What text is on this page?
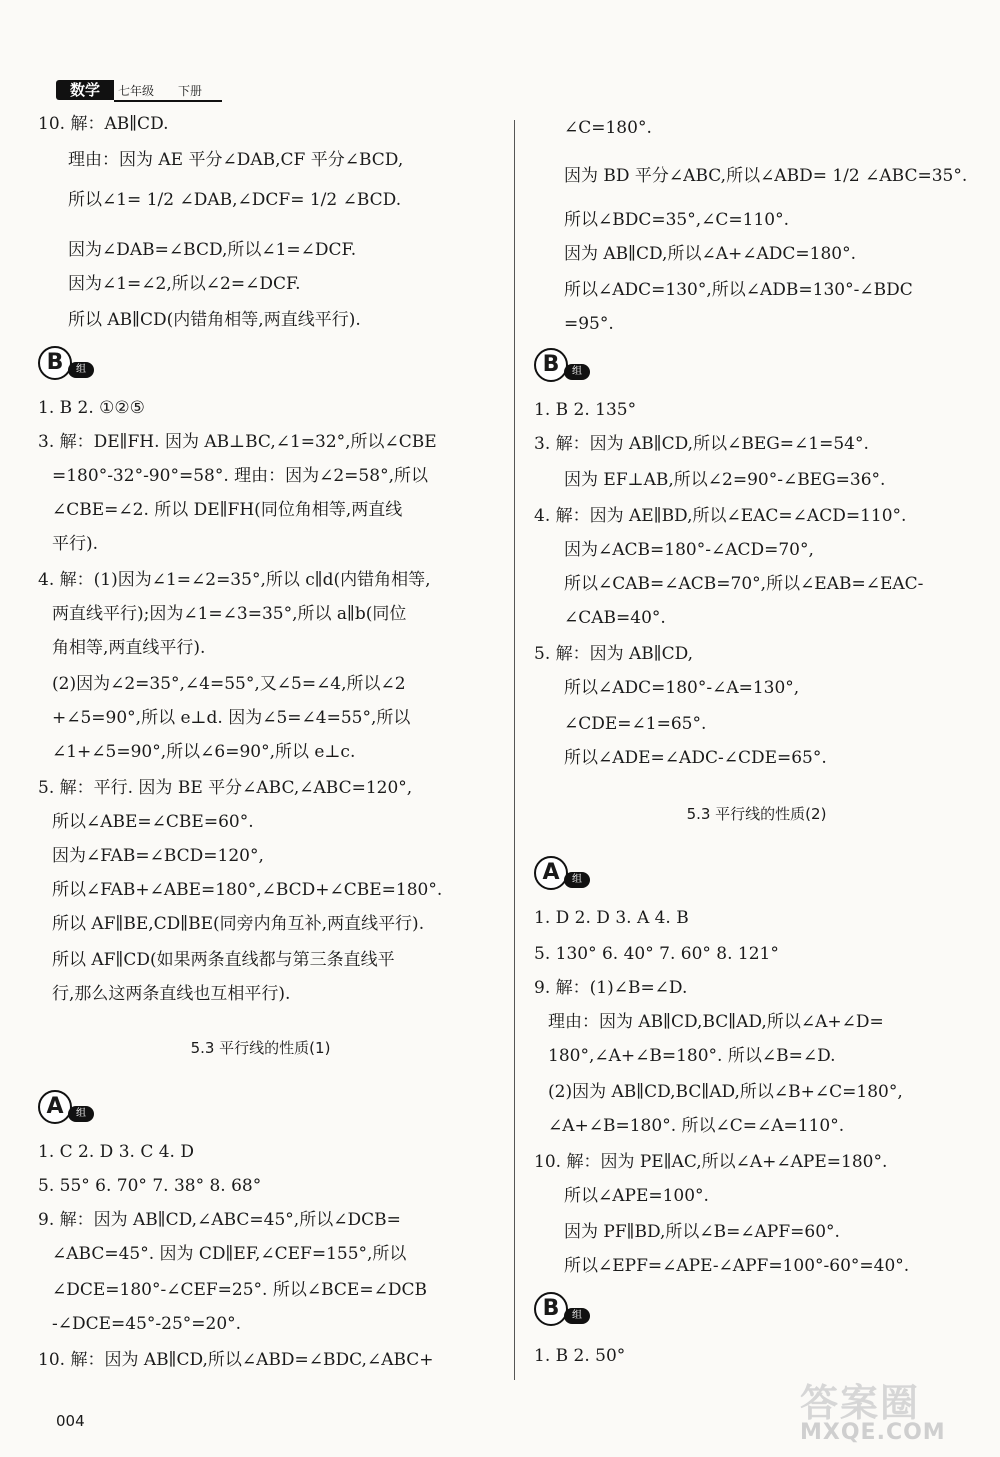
数学	七年级 下册
10. 解：AB∥CD.
理由：因为 AE 平分∠DAB,CF 平分∠BCD,
所以∠1= 1/2 ∠DAB,∠DCF= 1/2 ∠BCD.
因为∠DAB=∠BCD,所以∠1=∠DCF.
因为∠1=∠2,所以∠2=∠DCF.
所以 AB∥CD(内错角相等,两直线平行).
B	组
1. B 2. ①②⑤
3. 解：DE∥FH. 因为 AB⊥BC,∠1=32°,所以∠CBE
=180°-32°-90°=58°. 理由：因为∠2=58°,所以
∠CBE=∠2. 所以 DE∥FH(同位角相等,两直线
平行).
4. 解：(1)因为∠1=∠2=35°,所以 c∥d(内错角相等,
两直线平行);因为∠1=∠3=35°,所以 a∥b(同位
角相等,两直线平行).
(2)因为∠2=35°,∠4=55°,又∠5=∠4,所以∠2
+∠5=90°,所以 e⊥d. 因为∠5=∠4=55°,所以
∠1+∠5=90°,所以∠6=90°,所以 e⊥c.
5. 解：平行. 因为 BE 平分∠ABC,∠ABC=120°,
所以∠ABE=∠CBE=60°.
因为∠FAB=∠BCD=120°,
所以∠FAB+∠ABE=180°,∠BCD+∠CBE=180°.
所以 AF∥BE,CD∥BE(同旁内角互补,两直线平行).
所以 AF∥CD(如果两条直线都与第三条直线平
行,那么这两条直线也互相平行).
5.3 平行线的性质(1)
A	组
1. C 2. D 3. C 4. D
5. 55° 6. 70° 7. 38° 8. 68°
9. 解：因为 AB∥CD,∠ABC=45°,所以∠DCB=
∠ABC=45°. 因为 CD∥EF,∠CEF=155°,所以
∠DCE=180°-∠CEF=25°. 所以∠BCE=∠DCB
-∠DCE=45°-25°=20°.
10. 解：因为 AB∥CD,所以∠ABD=∠BDC,∠ABC+
∠C=180°.
因为 BD 平分∠ABC,所以∠ABD= 1/2 ∠ABC=35°.
所以∠BDC=35°,∠C=110°.
因为 AB∥CD,所以∠A+∠ADC=180°.
所以∠ADC=130°,所以∠ADB=130°-∠BDC
=95°.
B	组
1. B 2. 135°
3. 解：因为 AB∥CD,所以∠BEG=∠1=54°.
因为 EF⊥AB,所以∠2=90°-∠BEG=36°.
4. 解：因为 AE∥BD,所以∠EAC=∠ACD=110°.
因为∠ACB=180°-∠ACD=70°,
所以∠CAB=∠ACB=70°,所以∠EAB=∠EAC-
∠CAB=40°.
5. 解：因为 AB∥CD,
所以∠ADC=180°-∠A=130°,
∠CDE=∠1=65°.
所以∠ADE=∠ADC-∠CDE=65°.
5.3 平行线的性质(2)
A	组
1. D 2. D 3. A 4. B
5. 130° 6. 40° 7. 60° 8. 121°
9. 解：(1)∠B=∠D.
理由：因为 AB∥CD,BC∥AD,所以∠A+∠D=
180°,∠A+∠B=180°. 所以∠B=∠D.
(2)因为 AB∥CD,BC∥AD,所以∠B+∠C=180°,
∠A+∠B=180°. 所以∠C=∠A=110°.
10. 解：因为 PE∥AC,所以∠A+∠APE=180°.
所以∠APE=100°.
因为 PF∥BD,所以∠B=∠APF=60°.
所以∠EPF=∠APE-∠APF=100°-60°=40°.
B	组
1. B 2. 50°
004	答案圈
MXQE.COM
